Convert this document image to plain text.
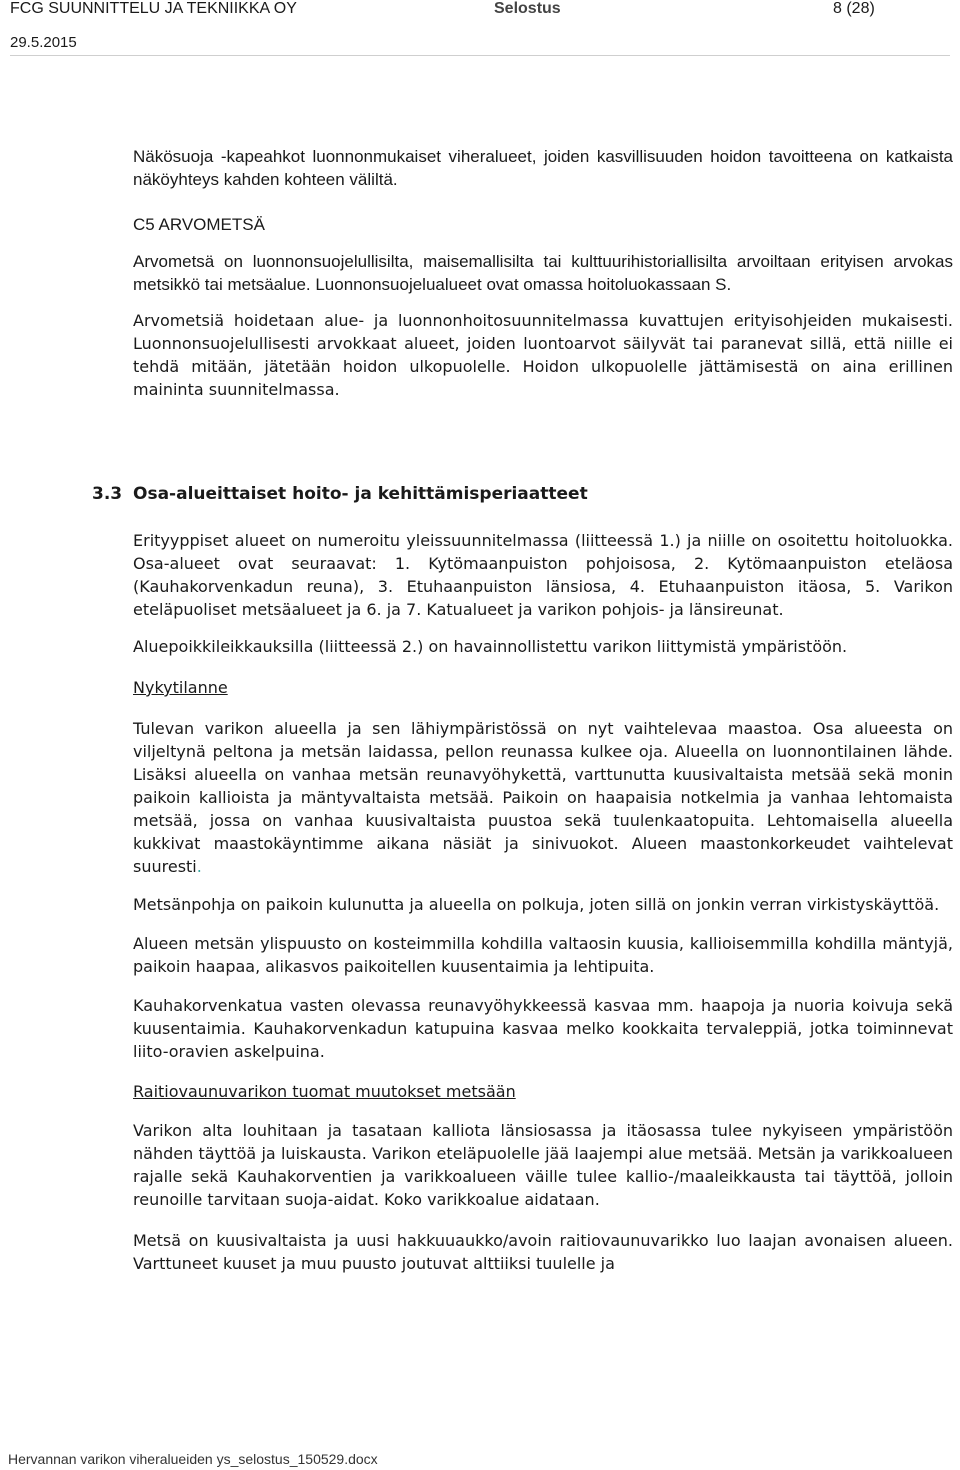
FCG SUUNNITTELU JA TEKNIIKKA OY	Selostus	8 (28)
29.5.2015

Näkösuoja -kapeahkot luonnonmukaiset viheralueet, joiden kasvillisuuden hoidon tavoitteena on katkaista näköyhteys kahden kohteen väliltä.

C5 ARVOMETSÄ

Arvometsä on luonnonsuojelullisilta, maisemallisilta tai kulttuurihistoriallisilta arvoiltaan erityisen arvokas metsikkö tai metsäalue. Luonnonsuojelualueet ovat omassa hoitoluokassaan S.

Arvometsiä hoidetaan alue- ja luonnonhoitosuunnitelmassa kuvattujen erityisohjeiden mukaisesti. Luonnonsuojelullisesti arvokkaat alueet, joiden luontoarvot säilyvät tai paranevat sillä, että niille ei tehdä mitään, jätetään hoidon ulkopuolelle. Hoidon ulkopuolelle jättämisestä on aina erillinen maininta suunnitelmassa.

3.3 Osa-alueittaiset hoito- ja kehittämisperiaatteet

Erityyppiset alueet on numeroitu yleissuunnitelmassa (liitteessä 1.) ja niille on osoitettu hoitoluokka. Osa-alueet ovat seuraavat: 1. Kytömaanpuiston pohjoisosa, 2. Kytömaanpuiston eteläosa (Kauhakorvenkadun reuna), 3. Etuhaanpuiston länsiosa, 4. Etuhaanpuiston itäosa, 5. Varikon eteläpuoliset metsäalueet ja 6. ja 7. Katualueet ja varikon pohjois- ja länsireunat.

Aluepoikkileikkauksilla (liitteessä 2.) on havainnollistettu varikon liittymistä ympäristöön.

Nykytilanne

Tulevan varikon alueella ja sen lähiympäristössä on nyt vaihtelevaa maastoa. Osa alueesta on viljeltynä peltona ja metsän laidassa, pellon reunassa kulkee oja. Alueella on luonnontilainen lähde. Lisäksi alueella on vanhaa metsän reunavyöhykettä, varttunutta kuusivaltaista metsää sekä monin paikoin kallioista ja mäntyvaltaista metsää. Paikoin on haapaisia notkelmia ja vanhaa lehtomaista metsää, jossa on vanhaa kuusivaltaista puustoa sekä tuulenkaatopuita. Lehtomaisella alueella kukkivat maastokäyntimme aikana näsiät ja sinivuokot. Alueen maastonkorkeudet vaihtelevat suuresti.

Metsänpohja on paikoin kulunutta ja alueella on polkuja, joten sillä on jonkin verran virkistyskäyttöä.

Alueen metsän ylispuusto on kosteimmilla kohdilla valtaosin kuusia, kallioisemmilla kohdilla mäntyjä, paikoin haapaa, alikasvos paikoitellen kuusentaimia ja lehtipuita.

Kauhakorvenkatua vasten olevassa reunavyöhykkeessä kasvaa mm. haapoja ja nuoria koivuja sekä kuusentaimia. Kauhakorvenkadun katupuina kasvaa melko kookkaita tervaleppiä, jotka toiminnevat liito-oravien askelpuina.

Raitiovaunuvarikon tuomat muutokset metsään

Varikon alta louhitaan ja tasataan kalliota länsiosassa ja itäosassa tulee nykyiseen ympäristöön nähden täyttöä ja luiskausta. Varikon eteläpuolelle jää laajempi alue metsää. Metsän ja varikkoalueen rajalle sekä Kauhakorventien ja varikkoalueen väille tulee kallio-/maaleikkausta tai täyttöä, jolloin reunoille tarvitaan suoja-aidat. Koko varikkoalue aidataan.

Metsä on kuusivaltaista ja uusi hakkuuaukko/avoin raitiovaunuvarikko luo laajan avonaisen alueen. Varttuneet kuuset ja muu puusto joutuvat alttiiksi tuulelle ja

Hervannan varikon viheralueiden ys_selostus_150529.docx
